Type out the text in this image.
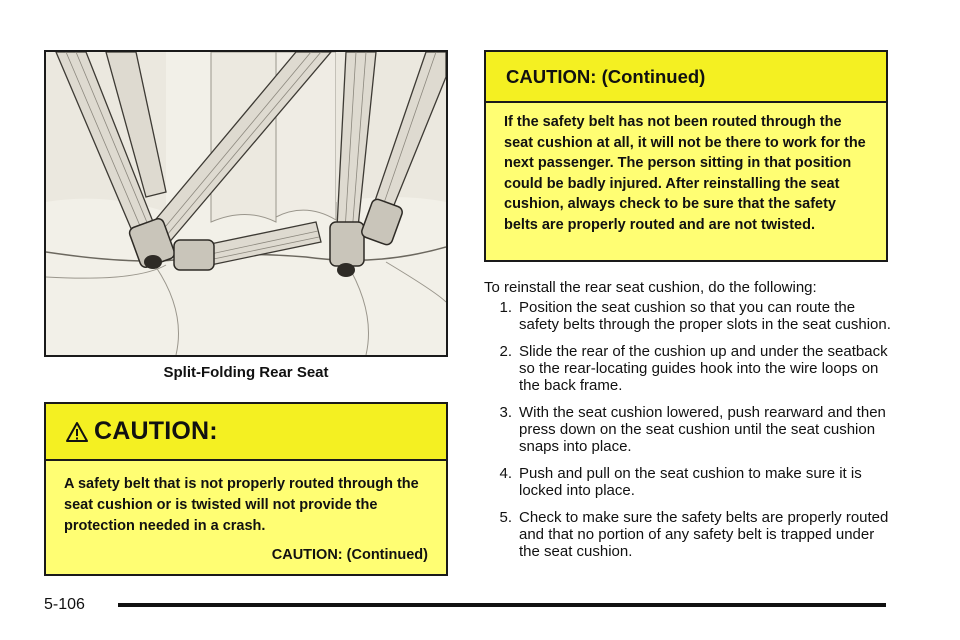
Split-Folding Rear Seat
CAUTION:
A safety belt that is not properly routed through the seat cushion or is twisted will not provide the protection needed in a crash.
CAUTION: (Continued)
CAUTION: (Continued)
If the safety belt has not been routed through the seat cushion at all, it will not be there to work for the next passenger. The person sitting in that position could be badly injured. After reinstalling the seat cushion, always check to be sure that the safety belts are properly routed and are not twisted.
To reinstall the rear seat cushion, do the following:
1. Position the seat cushion so that you can route the safety belts through the proper slots in the seat cushion.
2. Slide the rear of the cushion up and under the seatback so the rear-locating guides hook into the wire loops on the back frame.
3. With the seat cushion lowered, push rearward and then press down on the seat cushion until the seat cushion snaps into place.
4. Push and pull on the seat cushion to make sure it is locked into place.
5. Check to make sure the safety belts are properly routed and that no portion of any safety belt is trapped under the seat cushion.
5-106
